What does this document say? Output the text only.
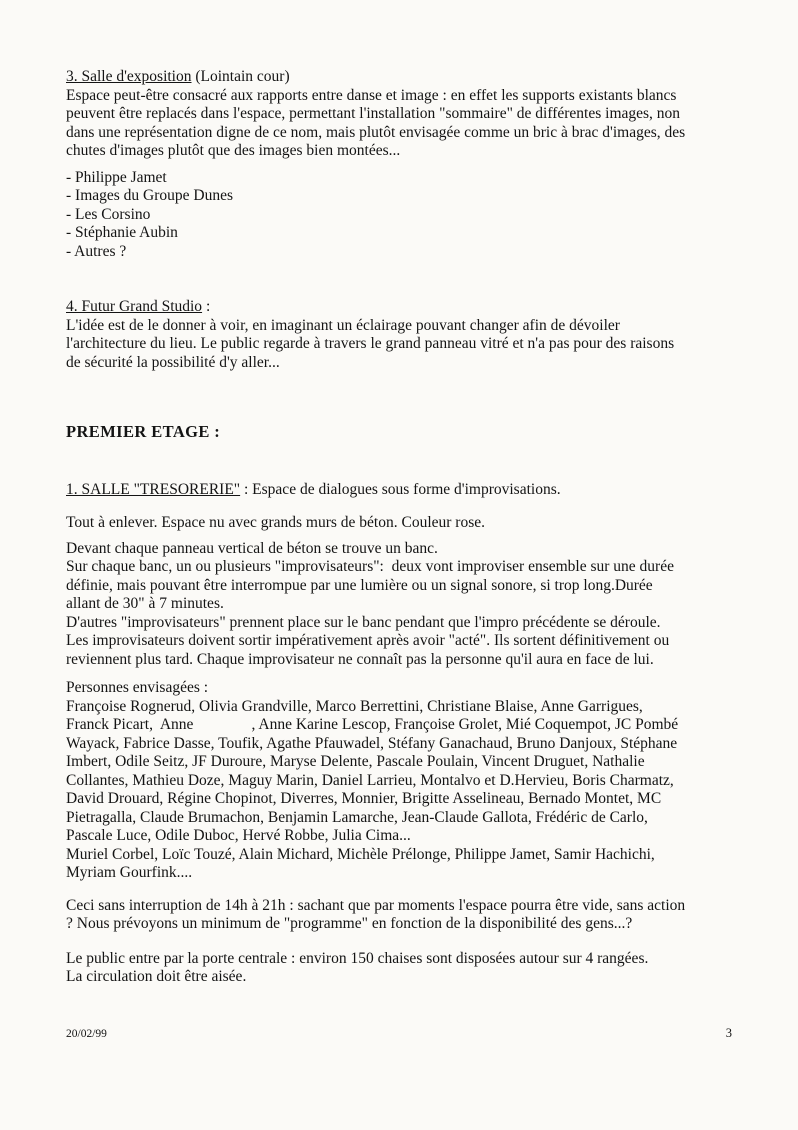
3. Salle d'exposition (Lointain cour)
Espace peut-être consacré aux rapports entre danse et image : en effet les supports existants blancs
peuvent être replacés dans l'espace, permettant l'installation "sommaire" de différentes images, non
dans une représentation digne de ce nom, mais plutôt envisagée comme un bric à brac d'images, des
chutes d'images plutôt que des images bien montées...
- Philippe Jamet
- Images du Groupe Dunes
- Les Corsino
- Stéphanie Aubin
- Autres ?
4. Futur Grand Studio :
L'idée est de le donner à voir, en imaginant un éclairage pouvant changer afin de dévoiler
l'architecture du lieu. Le public regarde à travers le grand panneau vitré et n'a pas pour des raisons
de sécurité la possibilité d'y aller...
PREMIER ETAGE :
1. SALLE "TRESORERIE" : Espace de dialogues sous forme d'improvisations.
Tout à enlever. Espace nu avec grands murs de béton. Couleur rose.
Devant chaque panneau vertical de béton se trouve un banc.
Sur chaque banc, un ou plusieurs "improvisateurs":  deux vont improviser ensemble sur une durée
définie, mais pouvant être interrompue par une lumière ou un signal sonore, si trop long.Durée
allant de 30" à 7 minutes.
D'autres "improvisateurs" prennent place sur le banc pendant que l'impro précédente se déroule.
Les improvisateurs doivent sortir impérativement après avoir "acté". Ils sortent définitivement ou
reviennent plus tard. Chaque improvisateur ne connaît pas la personne qu'il aura en face de lui.
Personnes envisagées :
Françoise Rognerud, Olivia Grandville, Marco Berrettini, Christiane Blaise, Anne Garrigues,
Franck Picart,  Anne               , Anne Karine Lescop, Françoise Grolet, Mié Coquempot, JC Pombé
Wayack, Fabrice Dasse, Toufik, Agathe Pfauwadel, Stéfany Ganachaud, Bruno Danjoux, Stéphane
Imbert, Odile Seitz, JF Duroure, Maryse Delente, Pascale Poulain, Vincent Druguet, Nathalie
Collantes, Mathieu Doze, Maguy Marin, Daniel Larrieu, Montalvo et D.Hervieu, Boris Charmatz,
David Drouard, Régine Chopinot, Diverres, Monnier, Brigitte Asselineau, Bernado Montet, MC
Pietragalla, Claude Brumachon, Benjamin Lamarche, Jean-Claude Gallota, Frédéric de Carlo,
Pascale Luce, Odile Duboc, Hervé Robbe, Julia Cima...
Muriel Corbel, Loïc Touzé, Alain Michard, Michèle Prélonge, Philippe Jamet, Samir Hachichi,
Myriam Gourfink....
Ceci sans interruption de 14h à 21h : sachant que par moments l'espace pourra être vide, sans action
? Nous prévoyons un minimum de "programme" en fonction de la disponibilité des gens...?
Le public entre par la porte centrale : environ 150 chaises sont disposées autour sur 4 rangées.
La circulation doit être aisée.
20/02/99	3
